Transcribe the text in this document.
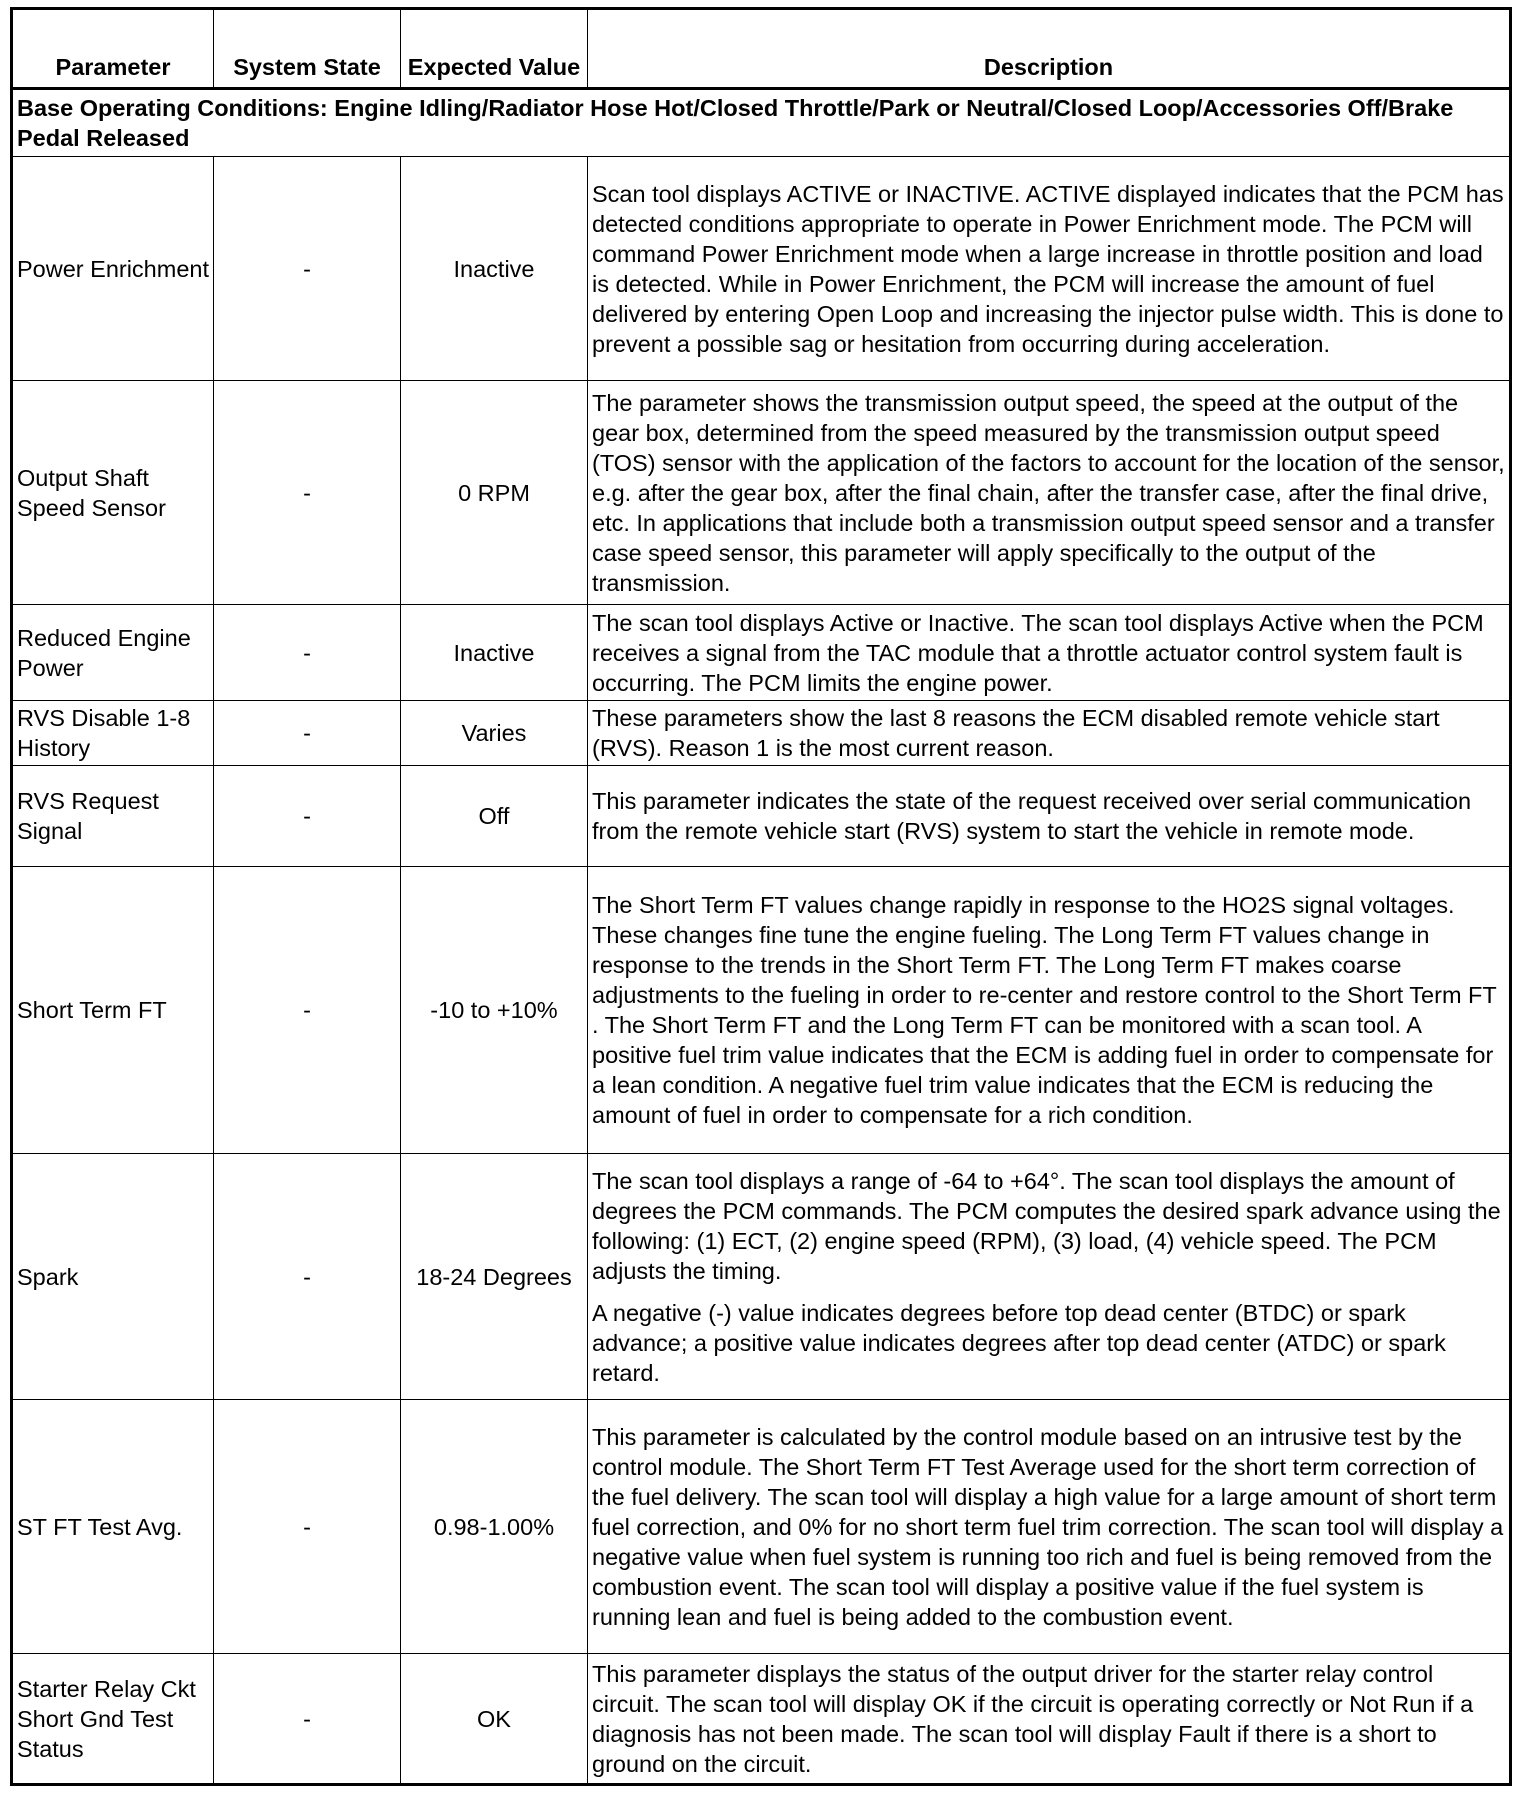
Parameter	System State	Expected Value	Description
Base Operating Conditions: Engine Idling/Radiator Hose Hot/Closed Throttle/Park or Neutral/Closed Loop/Accessories Off/Brake Pedal Released			
Power Enrichment	-	Inactive	Scan tool displays ACTIVE or INACTIVE. ACTIVE displayed indicates that the PCM has detected conditions appropriate to operate in Power Enrichment mode. The PCM will command Power Enrichment mode when a large increase in throttle position and load is detected. While in Power Enrichment, the PCM will increase the amount of fuel delivered by entering Open Loop and increasing the injector pulse width. This is done to prevent a possible sag or hesitation from occurring during acceleration.

Output Shaft Speed Sensor	-	0 RPM	The parameter shows the transmission output speed, the speed at the output of the gear box, determined from the speed measured by the transmission output speed (TOS) sensor with the application of the factors to account for the location of the sensor, e.g. after the gear box, after the final chain, after the transfer case, after the final drive, etc. In applications that include both a transmission output speed sensor and a transfer case speed sensor, this parameter will apply specifically to the output of the transmission.

Reduced Engine Power	-	Inactive	The scan tool displays Active or Inactive. The scan tool displays Active when the PCM receives a signal from the TAC module that a throttle actuator control system fault is occurring. The PCM limits the engine power.

RVS Disable 1-8 History	-	Varies	These parameters show the last 8 reasons the ECM disabled remote vehicle start (RVS). Reason 1 is the most current reason.

RVS Request Signal	-	Off	This parameter indicates the state of the request received over serial communication from the remote vehicle start (RVS) system to start the vehicle in remote mode.

Short Term FT	-	-10 to +10%	The Short Term FT values change rapidly in response to the HO2S signal voltages. These changes fine tune the engine fueling. The Long Term FT values change in response to the trends in the Short Term FT. The Long Term FT makes coarse adjustments to the fueling in order to re-center and restore control to the Short Term FT . The Short Term FT and the Long Term FT can be monitored with a scan tool. A positive fuel trim value indicates that the ECM is adding fuel in order to compensate for a lean condition. A negative fuel trim value indicates that the ECM is reducing the amount of fuel in order to compensate for a rich condition.

Spark	-	18-24 Degrees	The scan tool displays a range of -64 to +64°. The scan tool displays the amount of degrees the PCM commands. The PCM computes the desired spark advance using the following: (1) ECT, (2) engine speed (RPM), (3) load, (4) vehicle speed. The PCM adjusts the timing.

A negative (-) value indicates degrees before top dead center (BTDC) or spark advance; a positive value indicates degrees after top dead center (ATDC) or spark retard.

ST FT Test Avg.	-	0.98-1.00%	This parameter is calculated by the control module based on an intrusive test by the control module. The Short Term FT Test Average used for the short term correction of the fuel delivery. The scan tool will display a high value for a large amount of short term fuel correction, and 0% for no short term fuel trim correction. The scan tool will display a negative value when fuel system is running too rich and fuel is being removed from the combustion event. The scan tool will display a positive value if the fuel system is running lean and fuel is being added to the combustion event.

Starter Relay Ckt Short Gnd Test Status	-	OK	This parameter displays the status of the output driver for the starter relay control circuit. The scan tool will display OK if the circuit is operating correctly or Not Run if a diagnosis has not been made. The scan tool will display Fault if there is a short to ground on the circuit.
